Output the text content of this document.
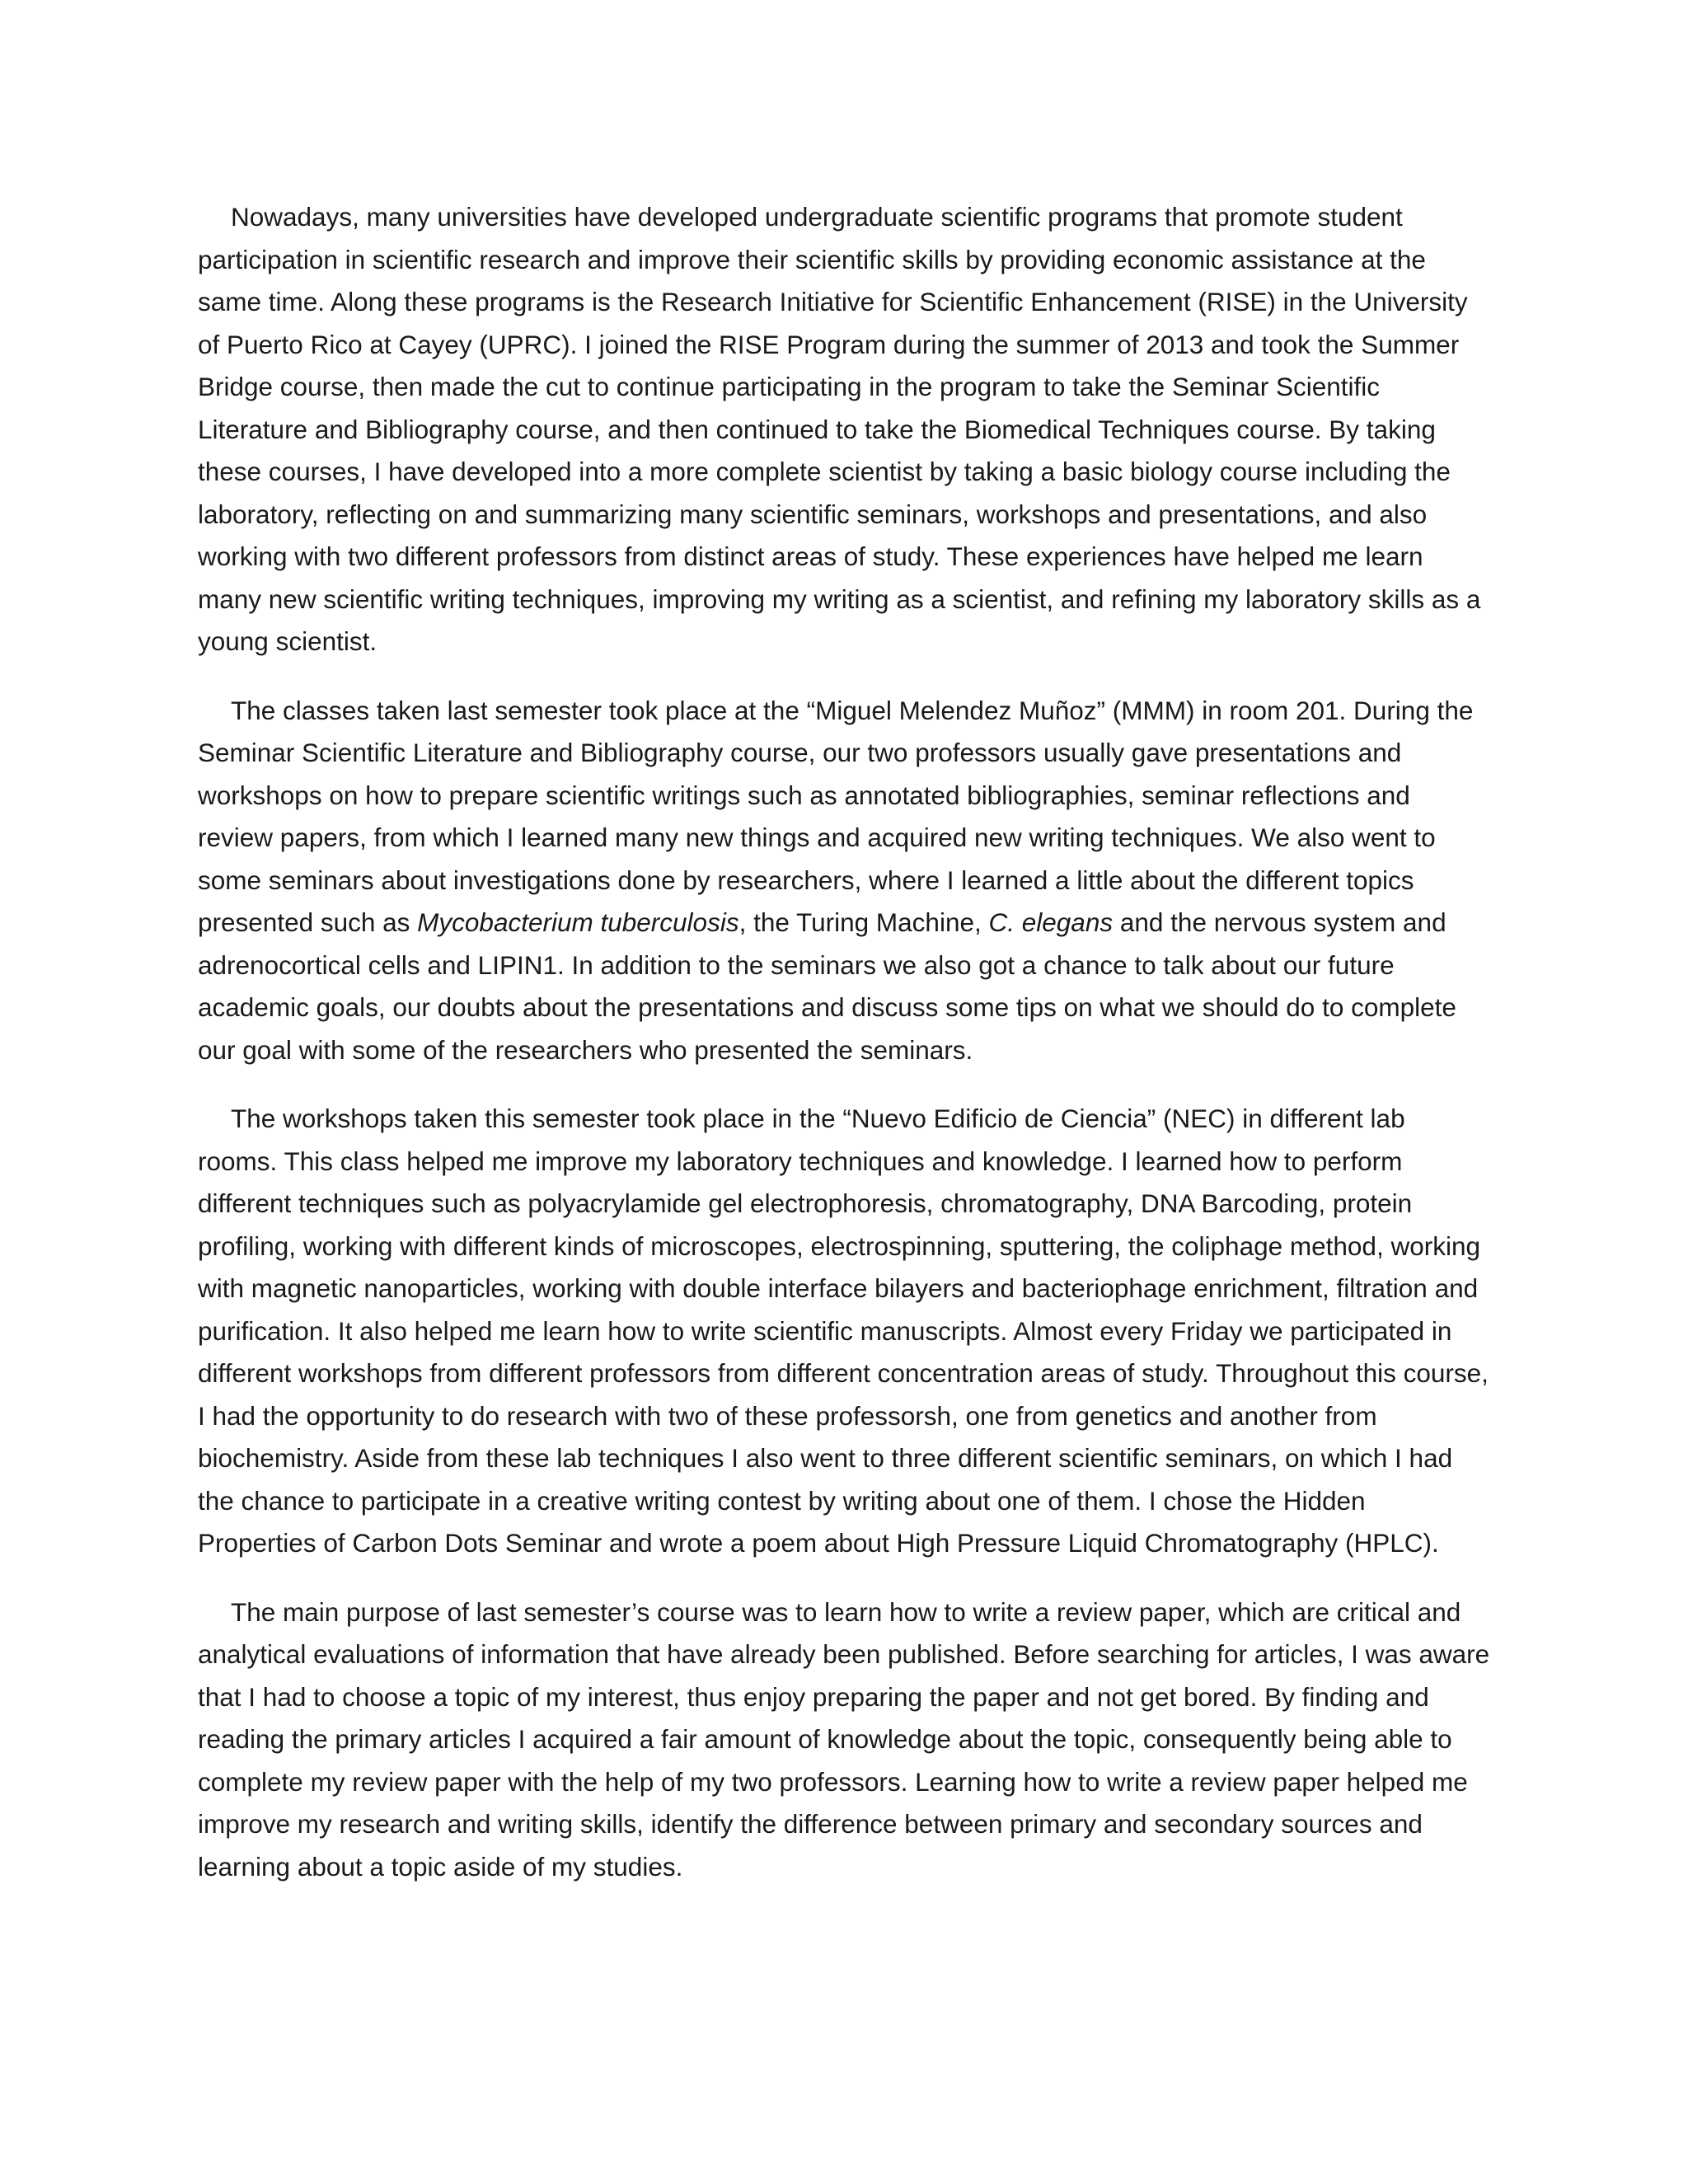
Nowadays, many universities have developed undergraduate scientific programs that promote student participation in scientific research and improve their scientific skills by providing economic assistance at the same time. Along these programs is the Research Initiative for Scientific Enhancement (RISE) in the University of Puerto Rico at Cayey (UPRC). I joined the RISE Program during the summer of 2013 and took the Summer Bridge course, then made the cut to continue participating in the program to take the Seminar Scientific Literature and Bibliography course, and then continued to take the Biomedical Techniques course. By taking these courses, I have developed into a more complete scientist by taking a basic biology course including the laboratory, reflecting on and summarizing many scientific seminars, workshops and presentations, and also working with two different professors from distinct areas of study. These experiences have helped me learn many new scientific writing techniques, improving my writing as a scientist, and refining my laboratory skills as a young scientist.

The classes taken last semester took place at the “Miguel Melendez Muñoz” (MMM) in room 201. During the Seminar Scientific Literature and Bibliography course, our two professors usually gave presentations and workshops on how to prepare scientific writings such as annotated bibliographies, seminar reflections and review papers, from which I learned many new things and acquired new writing techniques. We also went to some seminars about investigations done by researchers, where I learned a little about the different topics presented such as Mycobacterium tuberculosis, the Turing Machine, C. elegans and the nervous system and adrenocortical cells and LIPIN1. In addition to the seminars we also got a chance to talk about our future academic goals, our doubts about the presentations and discuss some tips on what we should do to complete our goal with some of the researchers who presented the seminars.

The workshops taken this semester took place in the “Nuevo Edificio de Ciencia” (NEC) in different lab rooms. This class helped me improve my laboratory techniques and knowledge. I learned how to perform different techniques such as polyacrylamide gel electrophoresis, chromatography, DNA Barcoding, protein profiling, working with different kinds of microscopes, electrospinning, sputtering, the coliphage method, working with magnetic nanoparticles, working with double interface bilayers and bacteriophage enrichment, filtration and purification. It also helped me learn how to write scientific manuscripts. Almost every Friday we participated in different workshops from different professors from different concentration areas of study. Throughout this course, I had the opportunity to do research with two of these professorsh, one from genetics and another from biochemistry. Aside from these lab techniques I also went to three different scientific seminars, on which I had the chance to participate in a creative writing contest by writing about one of them. I chose the Hidden Properties of Carbon Dots Seminar and wrote a poem about High Pressure Liquid Chromatography (HPLC).

The main purpose of last semester’s course was to learn how to write a review paper, which are critical and analytical evaluations of information that have already been published. Before searching for articles, I was aware that I had to choose a topic of my interest, thus enjoy preparing the paper and not get bored. By finding and reading the primary articles I acquired a fair amount of knowledge about the topic, consequently being able to complete my review paper with the help of my two professors. Learning how to write a review paper helped me improve my research and writing skills, identify the difference between primary and secondary sources and learning about a topic aside of my studies.
